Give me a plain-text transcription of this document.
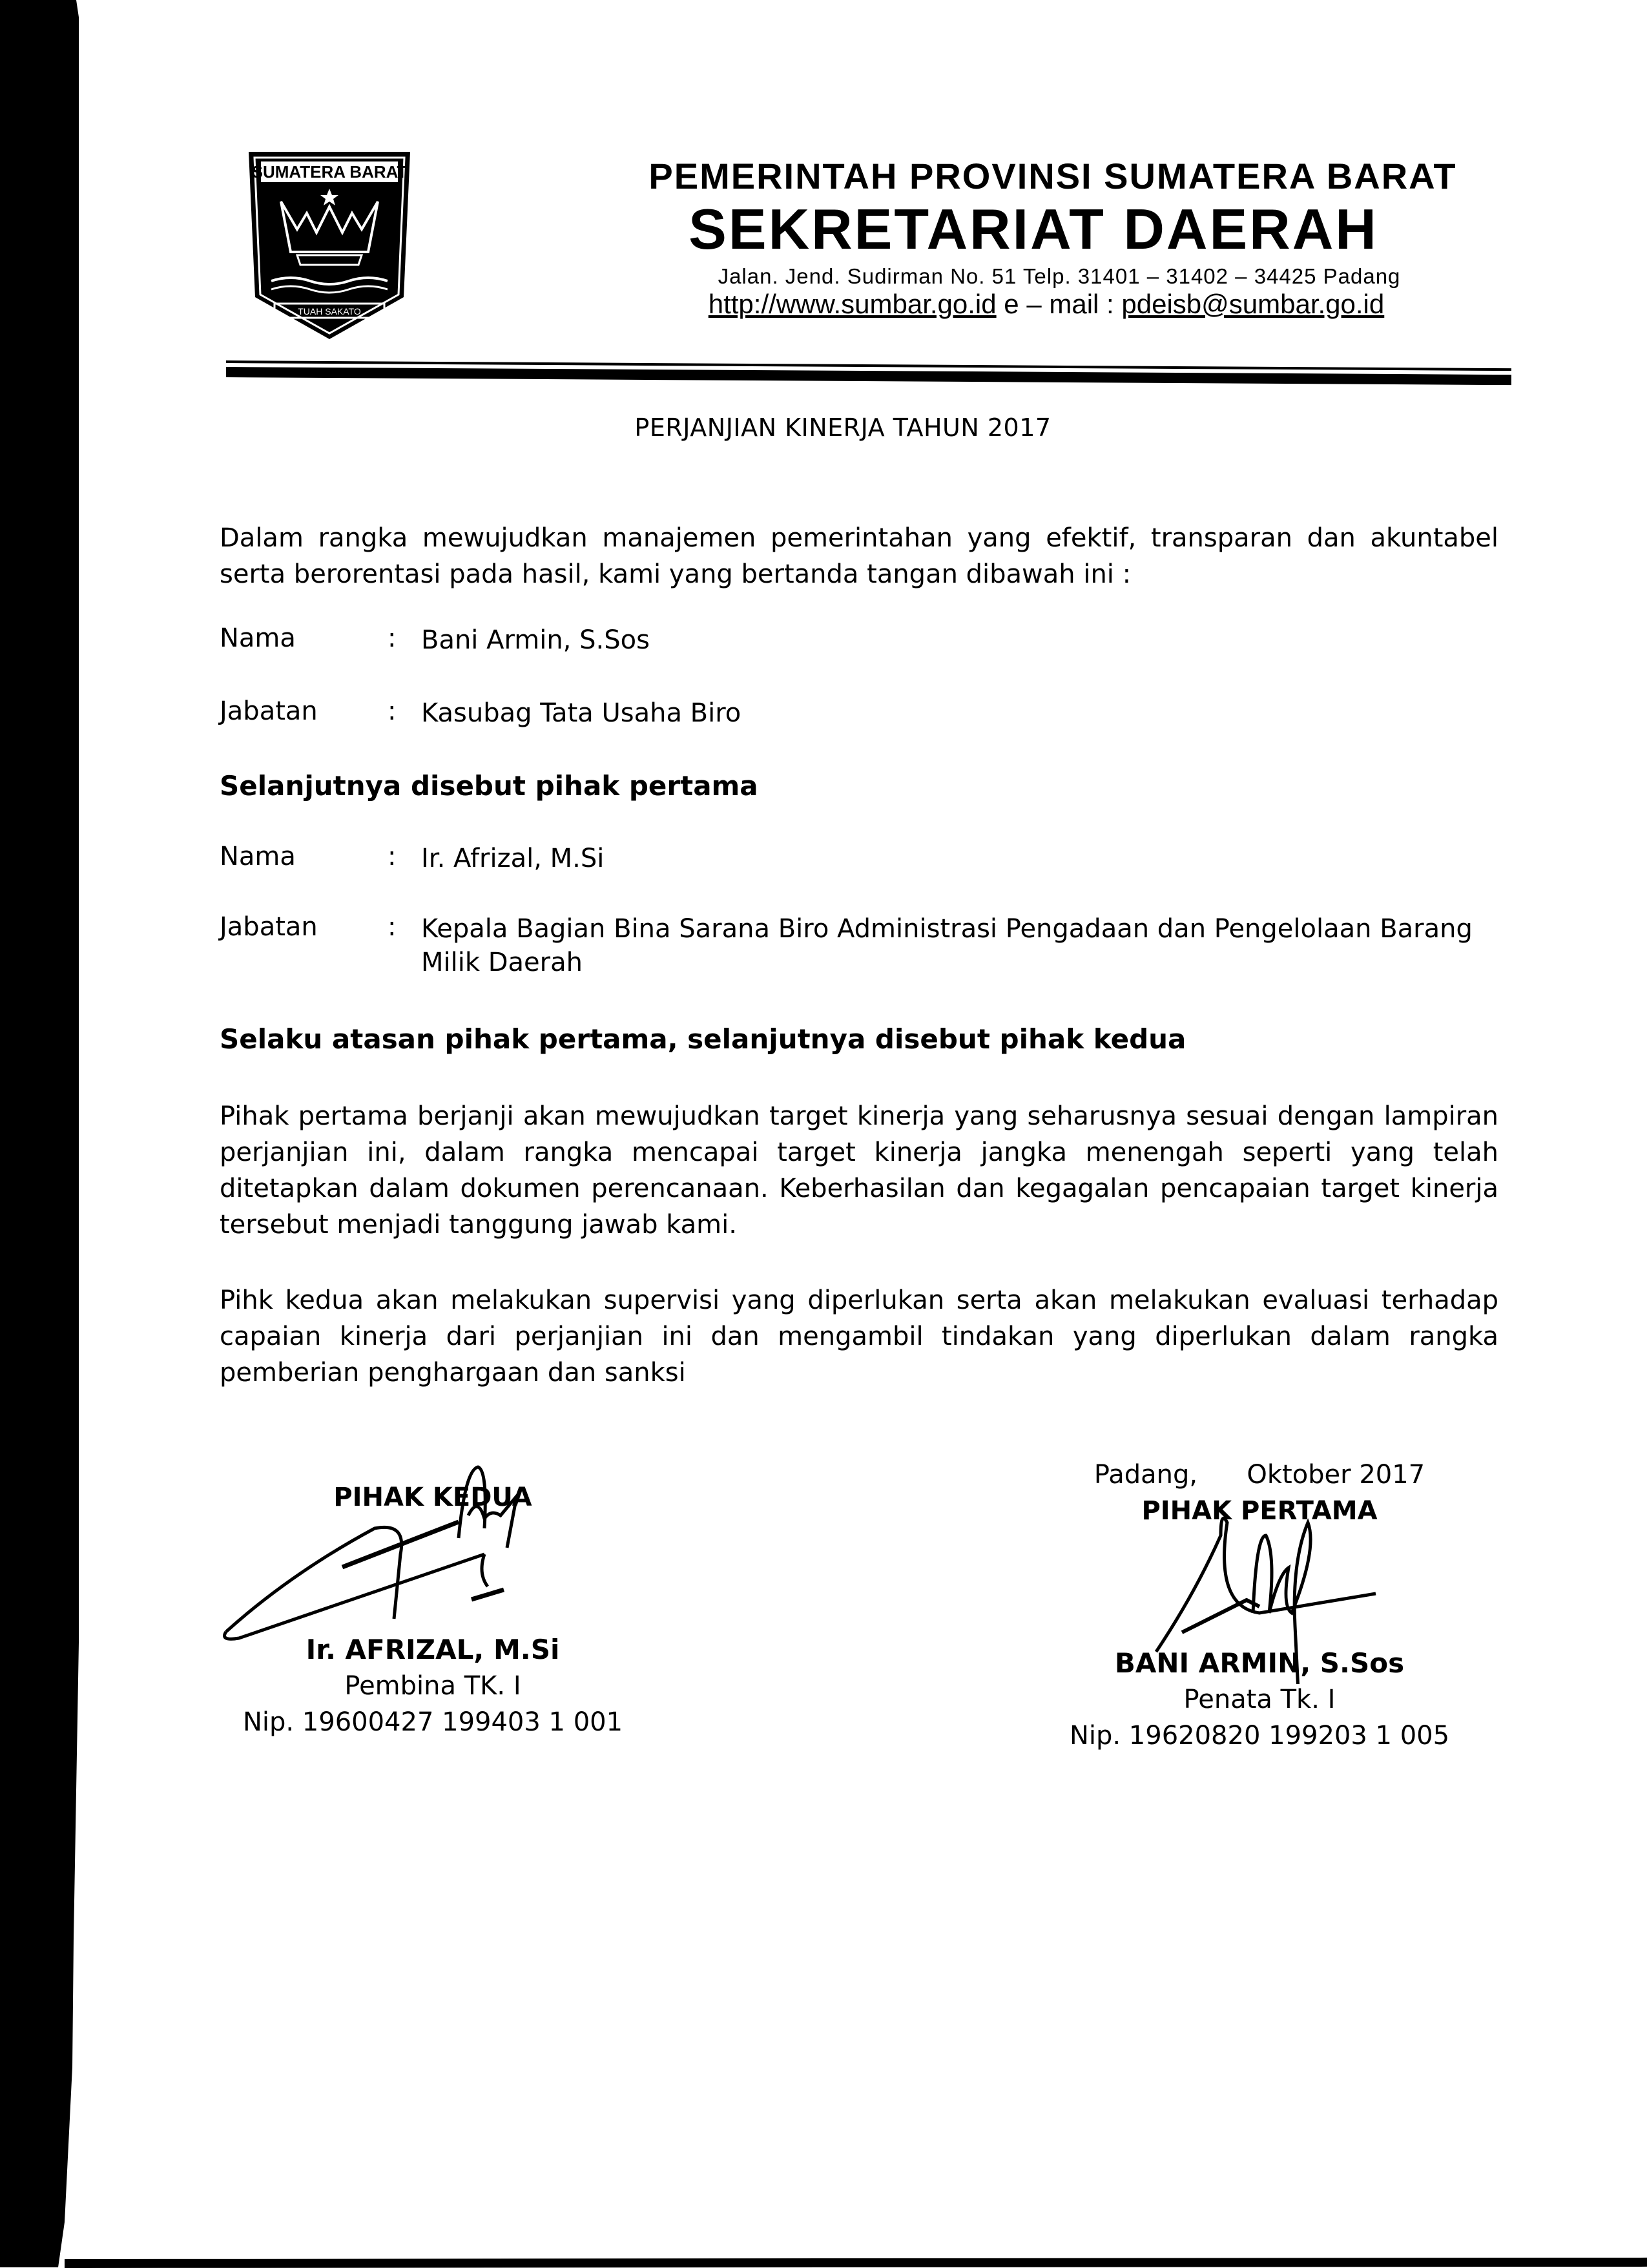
SUMATERA BARAT
TUAH SAKATO
PEMERINTAH PROVINSI SUMATERA BARAT
SEKRETARIAT DAERAH
Jalan. Jend. Sudirman No. 51 Telp. 31401 – 31402 – 34425 Padang
http://www.sumbar.go.id e – mail : pdeisb@sumbar.go.id
PERJANJIAN KINERJA TAHUN 2017
Dalam rangka mewujudkan manajemen pemerintahan yang efektif, transparan dan akuntabel serta berorentasi pada hasil, kami yang bertanda tangan dibawah ini :
Nama	: Bani Armin, S.Sos
Jabatan	: Kasubag Tata Usaha Biro
Selanjutnya disebut pihak pertama
Nama	: Ir. Afrizal, M.Si
Jabatan	: Kepala Bagian Bina Sarana Biro Administrasi Pengadaan dan Pengelolaan Barang Milik Daerah
Selaku atasan pihak pertama, selanjutnya disebut pihak kedua
Pihak pertama berjanji akan mewujudkan target kinerja yang seharusnya sesuai dengan lampiran perjanjian ini, dalam rangka mencapai target kinerja jangka menengah seperti yang telah ditetapkan dalam dokumen perencanaan. Keberhasilan dan kegagalan pencapaian target kinerja tersebut menjadi tanggung jawab kami.
Pihk kedua akan melakukan supervisi yang diperlukan serta akan melakukan evaluasi terhadap capaian kinerja dari perjanjian ini dan mengambil tindakan yang diperlukan dalam rangka pemberian penghargaan dan sanksi
PIHAK KEDUA
Ir. AFRIZAL, M.Si
Pembina TK. I
Nip. 19600427 199403 1 001
Padang,      Oktober 2017
PIHAK PERTAMA
BANI ARMIN, S.Sos
Penata Tk. I
Nip. 19620820 199203 1 005
